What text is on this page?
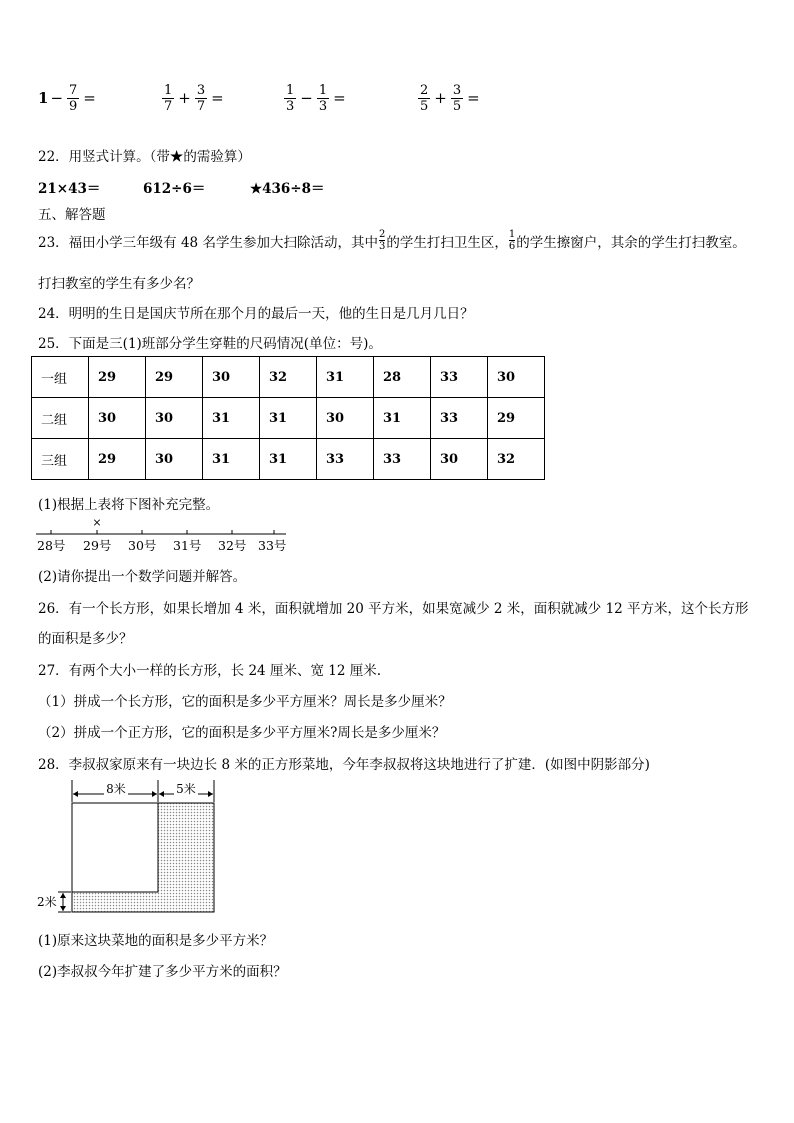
$1 - \frac{7}{9}$ =	$\frac{1}{7} + \frac{3}{7}$ =	$\frac{1}{3} - \frac{1}{3}$ =	$\frac{2}{5} + \frac{3}{5}$ =
22．用竖式计算。（带★的需验算）
21×43＝	612÷6＝	★436÷8＝
五、解答题
23．福田小学三年级有 48 名学生参加大扫除活动，其中 2
3 的学生打扫卫生区， 1
6 的学生擦窗户，其余的学生打扫教室。
打扫教室的学生有多少名？
24．明明的生日是国庆节所在那个月的最后一天，他的生日是几月几日？
25．下面是三(1)班部分学生穿鞋的尺码情况(单位：号)。
一组	29	29	30	32	31	28	33	30
二组	30	30	31	31	30	31	33	29
三组	29	30	31	31	33	33	30	32
(1)根据上表将下图补充完整。
×
28号 29号 30号 31号 32号 33号
(2)请你提出一个数学问题并解答。
26．有一个长方形，如果长增加 4 米，面积就增加 20 平方米，如果宽减少 2 米，面积就减少 12 平方米，这个长方形
的面积是多少？
27．有两个大小一样的长方形，长 24 厘米、宽 12 厘米.
（1）拼成一个长方形，它的面积是多少平方厘米？周长是多少厘米？
（2）拼成一个正方形，它的面积是多少平方厘米?周长是多少厘米？
28．李叔叔家原来有一块边长 8 米的正方形菜地，今年李叔叔将这块地进行了扩建．(如图中阴影部分)
8米	5米
2米
(1)原来这块菜地的面积是多少平方米？
(2)李叔叔今年扩建了多少平方米的面积？
